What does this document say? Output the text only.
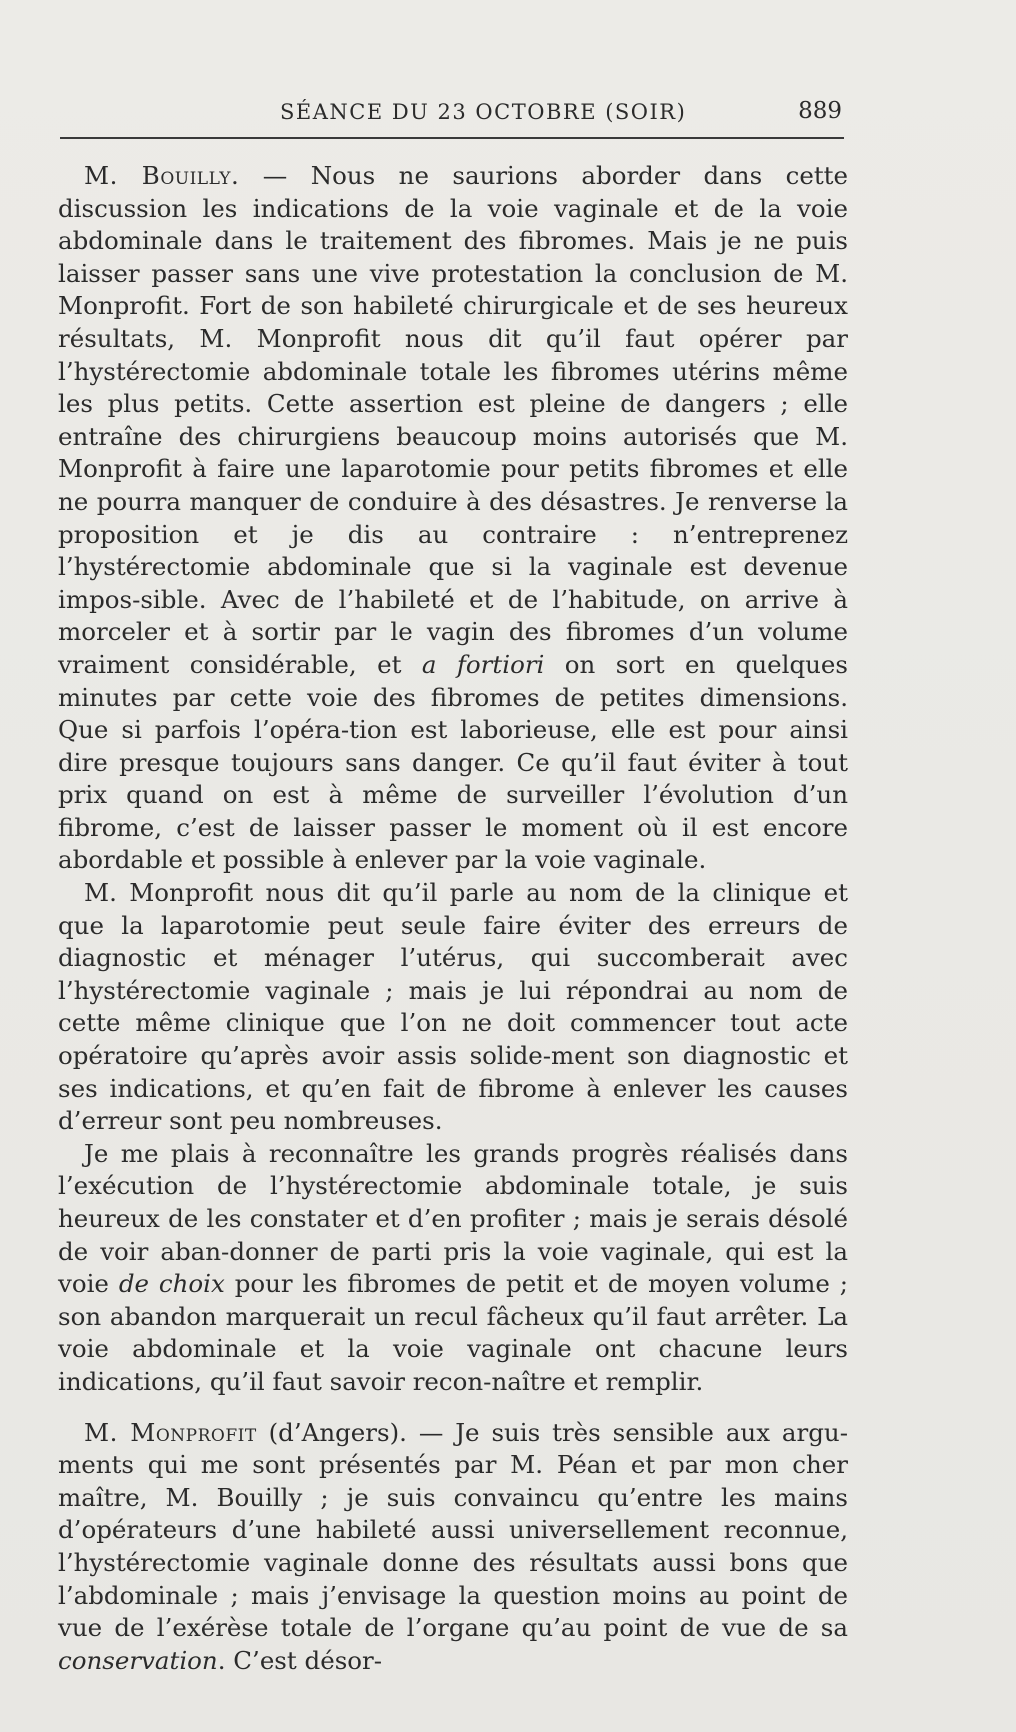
SÉANCE DU 23 OCTOBRE (SOIR)	889

M. Bouilly. — Nous ne saurions aborder dans cette discussion les indications de la voie vaginale et de la voie abdominale dans le traitement des fibromes. Mais je ne puis laisser passer sans une vive protestation la conclusion de M. Monprofit. Fort de son habileté chirurgicale et de ses heureux résultats, M. Monprofit nous dit qu’il faut opérer par l’hystérectomie abdominale totale les fibromes utérins même les plus petits. Cette assertion est pleine de dangers ; elle entraîne des chirurgiens beaucoup moins autorisés que M. Monprofit à faire une laparotomie pour petits fibromes et elle ne pourra manquer de conduire à des désastres. Je renverse la proposition et je dis au contraire : n’entreprenez l’hystérectomie abdominale que si la vaginale est devenue impos-sible. Avec de l’habileté et de l’habitude, on arrive à morceler et à sortir par le vagin des fibromes d’un volume vraiment considérable, et a fortiori on sort en quelques minutes par cette voie des fibromes de petites dimensions. Que si parfois l’opéra-tion est laborieuse, elle est pour ainsi dire presque toujours sans danger. Ce qu’il faut éviter à tout prix quand on est à même de surveiller l’évolution d’un fibrome, c’est de laisser passer le moment où il est encore abordable et possible à enlever par la voie vaginale.

M. Monprofit nous dit qu’il parle au nom de la clinique et que la laparotomie peut seule faire éviter des erreurs de diagnostic et ménager l’utérus, qui succomberait avec l’hystérectomie vaginale ; mais je lui répondrai au nom de cette même clinique que l’on ne doit commencer tout acte opératoire qu’après avoir assis solide-ment son diagnostic et ses indications, et qu’en fait de fibrome à enlever les causes d’erreur sont peu nombreuses.

Je me plais à reconnaître les grands progrès réalisés dans l’exécution de l’hystérectomie abdominale totale, je suis heureux de les constater et d’en profiter ; mais je serais désolé de voir aban-donner de parti pris la voie vaginale, qui est la voie de choix pour les fibromes de petit et de moyen volume ; son abandon marquerait un recul fâcheux qu’il faut arrêter. La voie abdominale et la voie vaginale ont chacune leurs indications, qu’il faut savoir recon-naître et remplir.

M. Monprofit (d’Angers). — Je suis très sensible aux argu-ments qui me sont présentés par M. Péan et par mon cher maître, M. Bouilly ; je suis convaincu qu’entre les mains d’opérateurs d’une habileté aussi universellement reconnue, l’hystérectomie vaginale donne des résultats aussi bons que l’abdominale ; mais j’envisage la question moins au point de vue de l’exérèse totale de l’organe qu’au point de vue de sa conservation. C’est désor-
